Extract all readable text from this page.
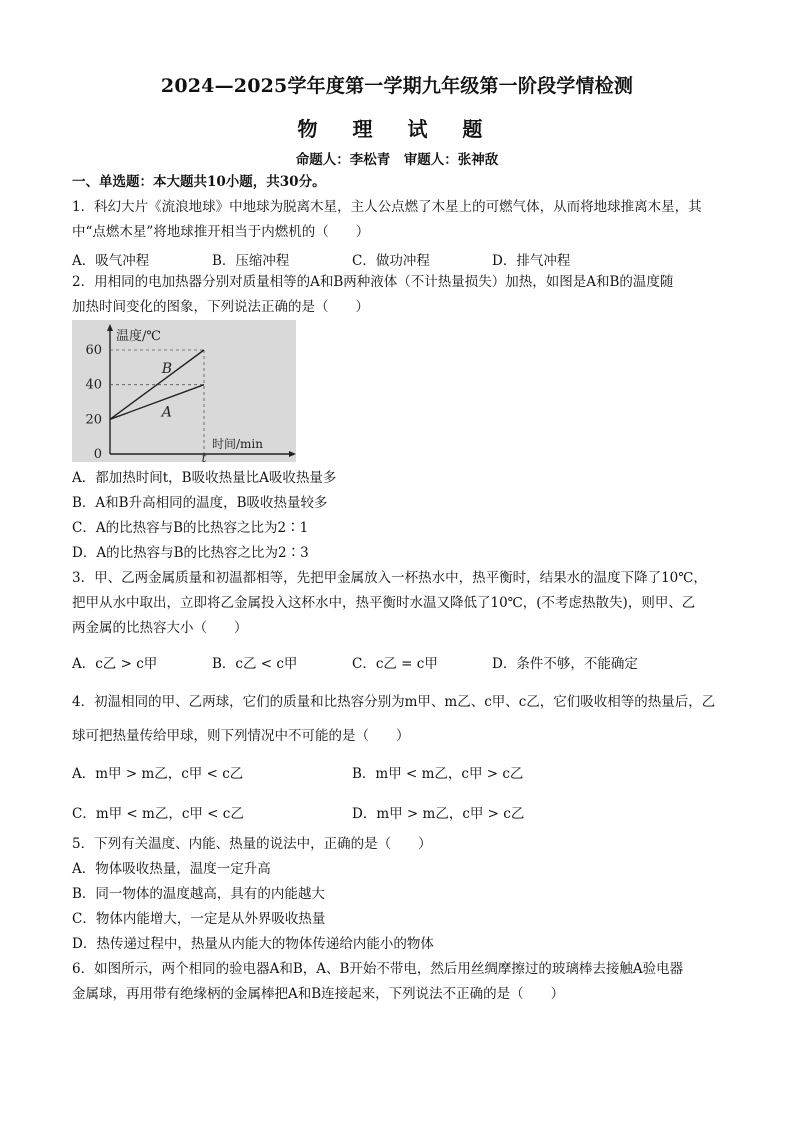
2024—2025学年度第一学期九年级第一阶段学情检测
物 理 试 题
命题人：李松青　审题人：张神敌
一、单选题：本大题共10小题，共30分。
1．科幻大片《流浪地球》中地球为脱离木星，主人公点燃了木星上的可燃气体，从而将地球推离木星，其
中“点燃木星”将地球推开相当于内燃机的（　　）
A．吸气冲程	B．压缩冲程	C．做功冲程	D．排气冲程
2．用相同的电加热器分别对质量相等的A和B两种液体（不计热量损失）加热，如图是A和B的温度随
加热时间变化的图象，下列说法正确的是（　　）
温度/℃
时间/min
0
20
40
60
t
B
A
A．都加热时间t，B吸收热量比A吸收热量多
B．A和B升高相同的温度，B吸收热量较多
C．A的比热容与B的比热容之比为2∶1
D．A的比热容与B的比热容之比为2∶3
3．甲、乙两金属质量和初温都相等，先把甲金属放入一杯热水中，热平衡时，结果水的温度下降了10℃，
把甲从水中取出，立即将乙金属投入这杯水中，热平衡时水温又降低了10℃，(不考虑热散失)，则甲、乙
两金属的比热容大小（　　）
A．c乙 > c甲	B．c乙 < c甲	C．c乙 = c甲	D．条件不够，不能确定
4．初温相同的甲、乙两球，它们的质量和比热容分别为m甲、m乙、c甲、c乙，它们吸收相等的热量后，乙
球可把热量传给甲球，则下列情况中不可能的是（　　）
A．m甲 > m乙，c甲 < c乙	B．m甲 < m乙，c甲 > c乙
C．m甲 < m乙，c甲 < c乙	D．m甲 > m乙，c甲 > c乙
5．下列有关温度、内能、热量的说法中，正确的是（　　）
A．物体吸收热量，温度一定升高
B．同一物体的温度越高，具有的内能越大
C．物体内能增大，一定是从外界吸收热量
D．热传递过程中，热量从内能大的物体传递给内能小的物体
6．如图所示，两个相同的验电器A和B，A、B开始不带电，然后用丝绸摩擦过的玻璃棒去接触A验电器
金属球，再用带有绝缘柄的金属棒把A和B连接起来，下列说法不正确的是（　　）
